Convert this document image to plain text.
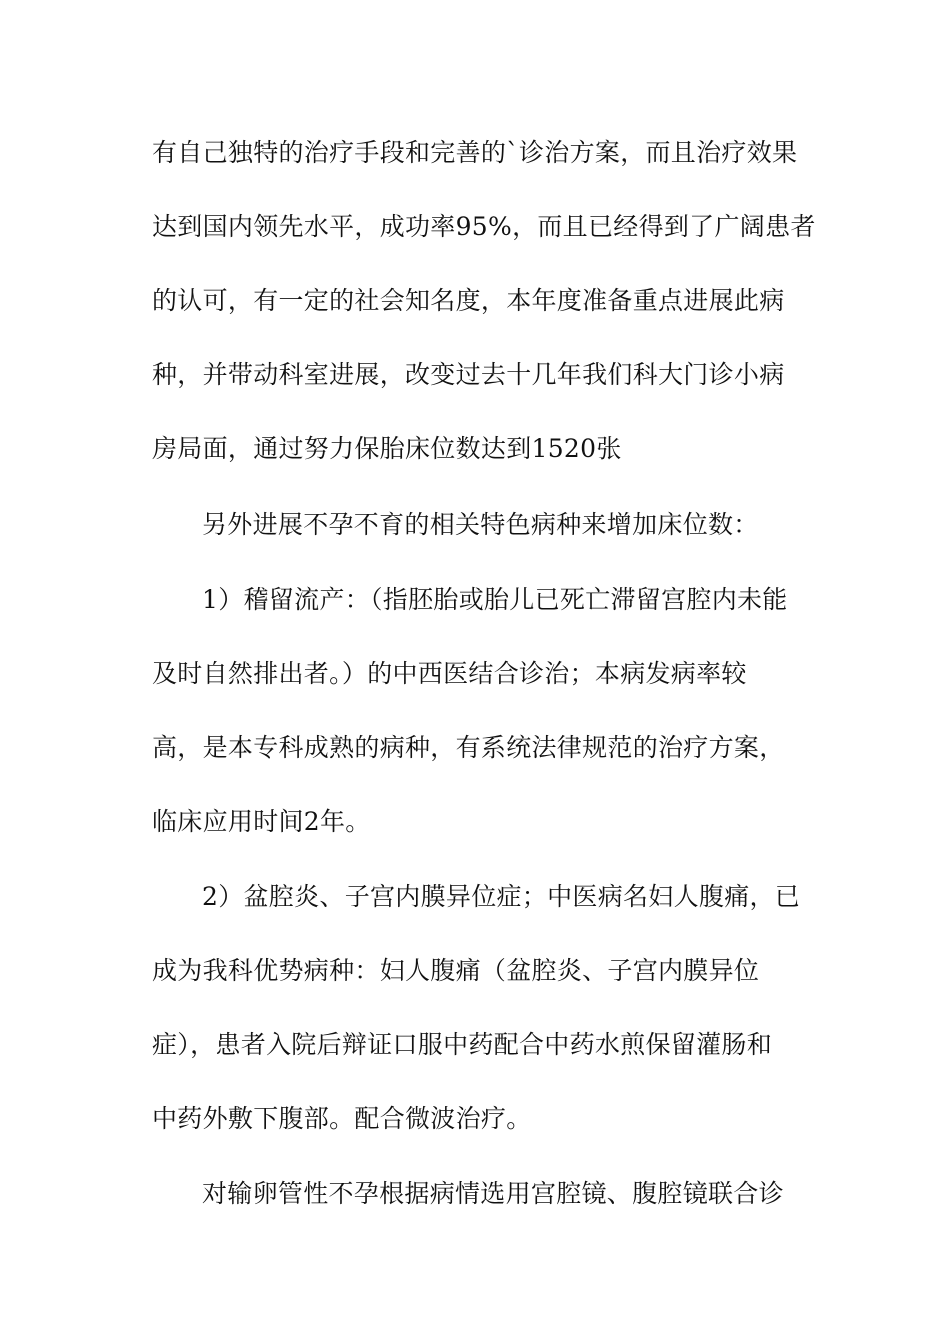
有自己独特的治疗手段和完善的`诊治方案，而且治疗效果
达到国内领先水平，成功率95%，而且已经得到了广阔患者
的认可，有一定的社会知名度，本年度准备重点进展此病
种，并带动科室进展，改变过去十几年我们科大门诊小病
房局面，通过努力保胎床位数达到1520张
另外进展不孕不育的相关特色病种来增加床位数：
1）稽留流产：（指胚胎或胎儿已死亡滞留宫腔内未能
及时自然排出者。）的中西医结合诊治；本病发病率较
高，是本专科成熟的病种，有系统法律规范的治疗方案，
临床应用时间2年。
2）盆腔炎、子宫内膜异位症；中医病名妇人腹痛，已
成为我科优势病种：妇人腹痛（盆腔炎、子宫内膜异位
症），患者入院后辩证口服中药配合中药水煎保留灌肠和
中药外敷下腹部。配合微波治疗。
对输卵管性不孕根据病情选用宫腔镜、腹腔镜联合诊
